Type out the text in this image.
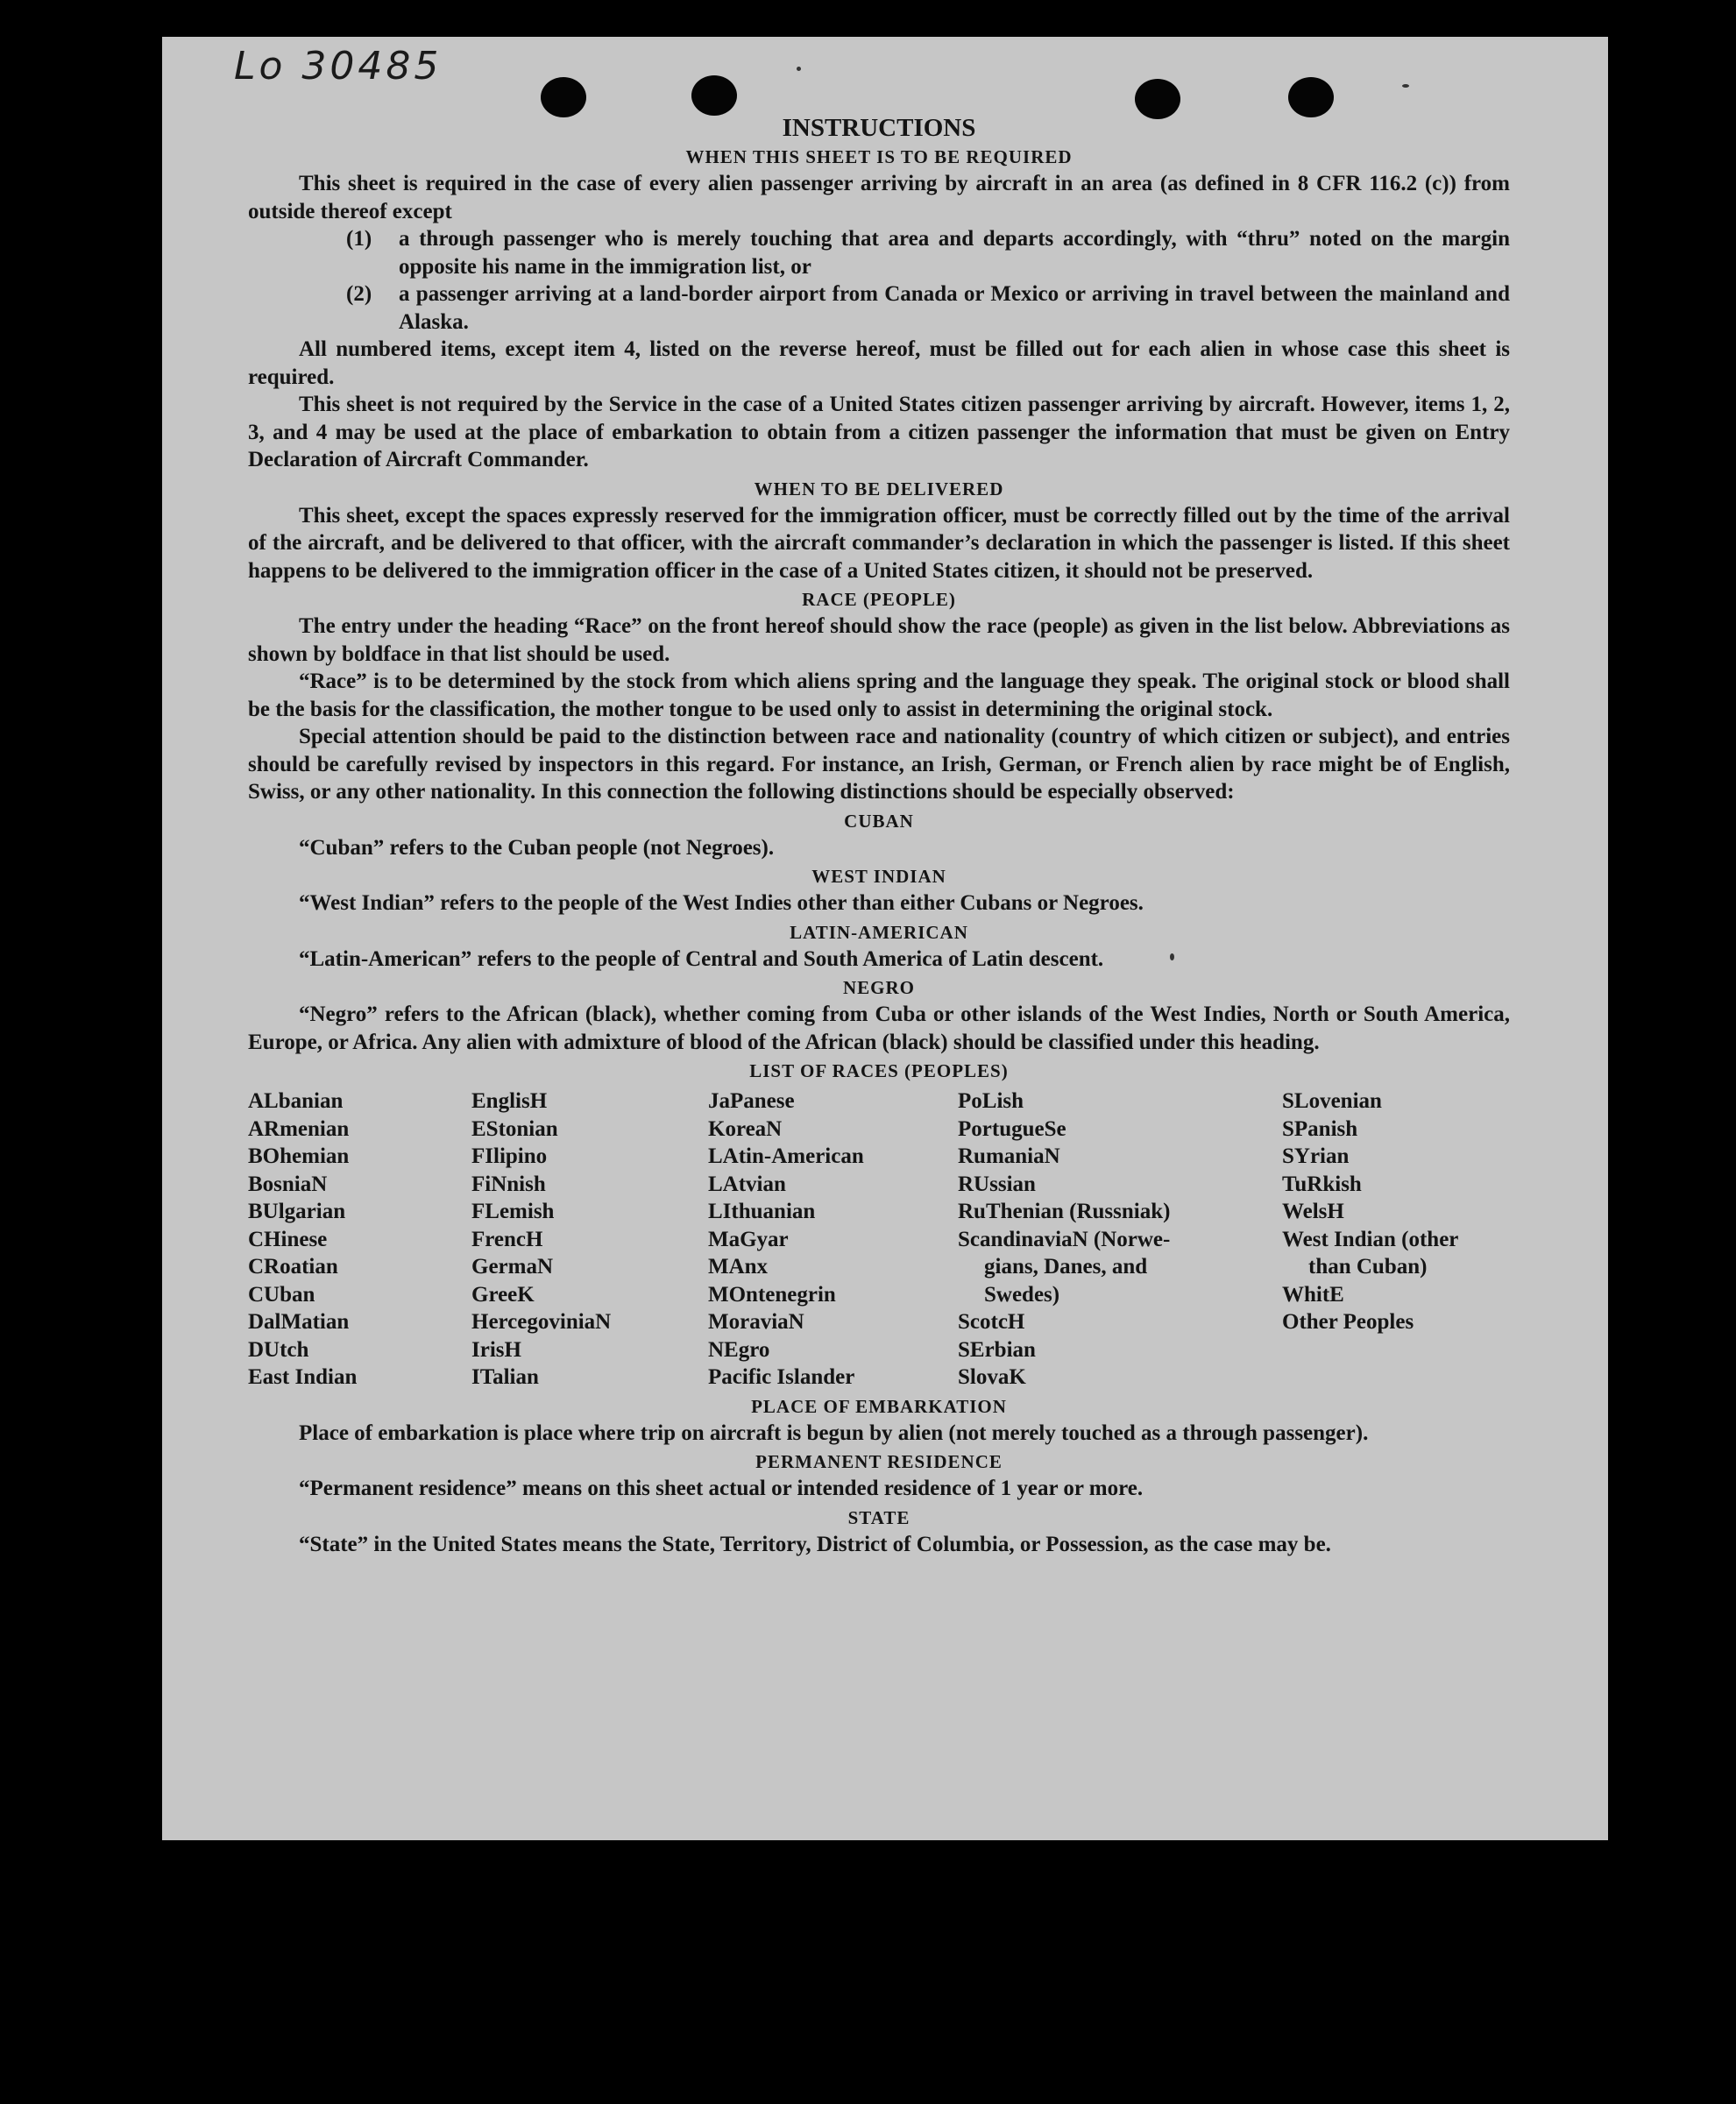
Lo 30485
INSTRUCTIONS
WHEN THIS SHEET IS TO BE REQUIRED

This sheet is required in the case of every alien passenger arriving by aircraft in an area (as defined in 8 CFR 116.2 (c)) from outside thereof except

(1)	a through passenger who is merely touching that area and departs accordingly, with “thru” noted on the margin opposite his name in the immigration list, or
(2)	a passenger arriving at a land-border airport from Canada or Mexico or arriving in travel between the mainland and Alaska.

All numbered items, except item 4, listed on the reverse hereof, must be filled out for each alien in whose case this sheet is required.

This sheet is not required by the Service in the case of a United States citizen passenger arriving by aircraft. However, items 1, 2, 3, and 4 may be used at the place of embarkation to obtain from a citizen passenger the information that must be given on Entry Declaration of Aircraft Commander.

WHEN TO BE DELIVERED

This sheet, except the spaces expressly reserved for the immigration officer, must be correctly filled out by the time of the arrival of the aircraft, and be delivered to that officer, with the aircraft commander’s declaration in which the passenger is listed. If this sheet happens to be delivered to the immigration officer in the case of a United States citizen, it should not be preserved.

RACE (PEOPLE)

The entry under the heading “Race” on the front hereof should show the race (people) as given in the list below. Abbreviations as shown by boldface in that list should be used.

“Race” is to be determined by the stock from which aliens spring and the language they speak. The original stock or blood shall be the basis for the classification, the mother tongue to be used only to assist in determining the original stock.

Special attention should be paid to the distinction between race and nationality (country of which citizen or subject), and entries should be carefully revised by inspectors in this regard. For instance, an Irish, German, or French alien by race might be of English, Swiss, or any other nationality. In this connection the following distinctions should be especially observed:

CUBAN

“Cuban” refers to the Cuban people (not Negroes).

WEST INDIAN

“West Indian” refers to the people of the West Indies other than either Cubans or Negroes.

LATIN-AMERICAN

“Latin-American” refers to the people of Central and South America of Latin descent.

NEGRO

“Negro” refers to the African (black), whether coming from Cuba or other islands of the West Indies, North or South America, Europe, or Africa. Any alien with admixture of blood of the African (black) should be classified under this heading.

LIST OF RACES (PEOPLES)
ALbanian
ARmenian
BOhemian
BosniaN
BUlgarian
CHinese
CRoatian
CUban
DalMatian
DUtch
East Indian
EnglisH
EStonian
FIlipino
FiNnish
FLemish
FrencH
GermaN
GreeK
HercegoviniaN
IrisH
ITalian
JaPanese
KoreaN
LAtin-American
LAtvian
LIthuanian
MaGyar
MAnx
MOntenegrin
MoraviaN
NEgro
Pacific Islander
PoLish
PortugueSe
RumaniaN
RUssian
RuThenian (Russniak)
ScandinaviaN (Norwe-
gians, Danes, and
Swedes)
ScotcH
SErbian
SlovaK
SLovenian
SPanish
SYrian
TuRkish
WelsH
West Indian (other
than Cuban)
WhitE
Other Peoples
PLACE OF EMBARKATION

Place of embarkation is place where trip on aircraft is begun by alien (not merely touched as a through passenger).

PERMANENT RESIDENCE

“Permanent residence” means on this sheet actual or intended residence of 1 year or more.

STATE

“State” in the United States means the State, Territory, District of Columbia, or Possession, as the case may be.
